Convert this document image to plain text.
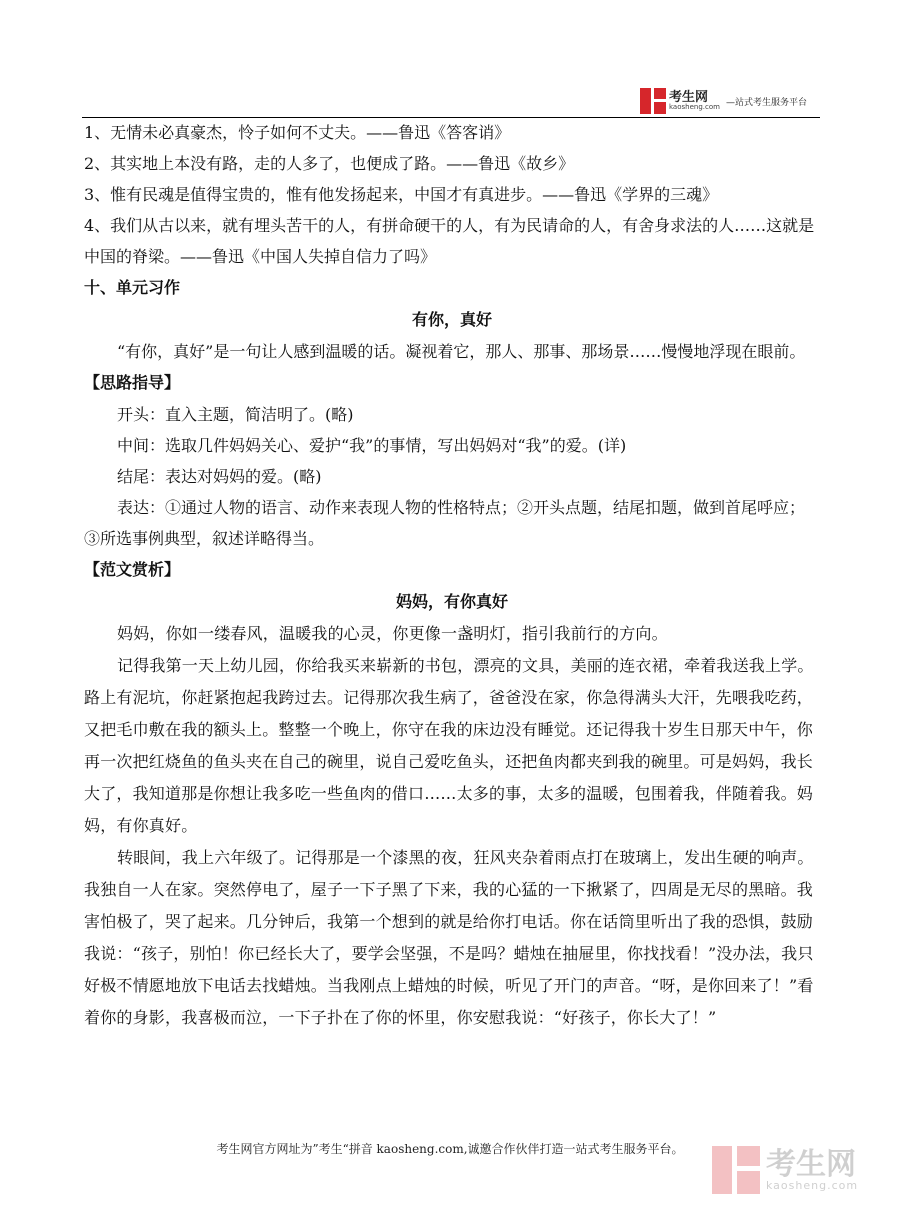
考生网
kaosheng.com —站式考生服务平台

1、无情未必真豪杰，怜子如何不丈夫。——鲁迅《答客诮》

2、其实地上本没有路，走的人多了，也便成了路。——鲁迅《故乡》

3、惟有民魂是值得宝贵的，惟有他发扬起来，中国才有真进步。——鲁迅《学界的三魂》

4、我们从古以来，就有埋头苦干的人，有拼命硬干的人，有为民请命的人，有舍身求法的人……这就是中国的脊梁。——鲁迅《中国人失掉自信力了吗》

十、单元习作

有你，真好

“有你，真好”是一句让人感到温暖的话。凝视着它，那人、那事、那场景……慢慢地浮现在眼前。

【思路指导】

开头：直入主题，简洁明了。(略)

中间：选取几件妈妈关心、爱护“我”的事情，写出妈妈对“我”的爱。(详)

结尾：表达对妈妈的爱。(略)

表达：①通过人物的语言、动作来表现人物的性格特点；②开头点题，结尾扣题，做到首尾呼应；③所选事例典型，叙述详略得当。

【范文赏析】

妈妈，有你真好

妈妈，你如一缕春风，温暖我的心灵，你更像一盏明灯，指引我前行的方向。

记得我第一天上幼儿园，你给我买来崭新的书包，漂亮的文具，美丽的连衣裙，牵着我送我上学。路上有泥坑，你赶紧抱起我跨过去。记得那次我生病了，爸爸没在家，你急得满头大汗，先喂我吃药，又把毛巾敷在我的额头上。整整一个晚上，你守在我的床边没有睡觉。还记得我十岁生日那天中午，你再一次把红烧鱼的鱼头夹在自己的碗里，说自己爱吃鱼头，还把鱼肉都夹到我的碗里。可是妈妈，我长大了，我知道那是你想让我多吃一些鱼肉的借口……太多的事，太多的温暖，包围着我，伴随着我。妈妈，有你真好。

转眼间，我上六年级了。记得那是一个漆黑的夜，狂风夹杂着雨点打在玻璃上，发出生硬的响声。我独自一人在家。突然停电了，屋子一下子黑了下来，我的心猛的一下揪紧了，四周是无尽的黑暗。我害怕极了，哭了起来。几分钟后，我第一个想到的就是给你打电话。你在话筒里听出了我的恐惧，鼓励我说：“孩子，别怕！你已经长大了，要学会坚强，不是吗？蜡烛在抽屉里，你找找看！”没办法，我只好极不情愿地放下电话去找蜡烛。当我刚点上蜡烛的时候，听见了开门的声音。“呀，是你回来了！”看着你的身影，我喜极而泣，一下子扑在了你的怀里，你安慰我说：“好孩子，你长大了！”

考生网官方网址为”考生“拼音 kaosheng.com,诚邀合作伙伴打造一站式考生服务平台。	考生网
kaosheng.com
